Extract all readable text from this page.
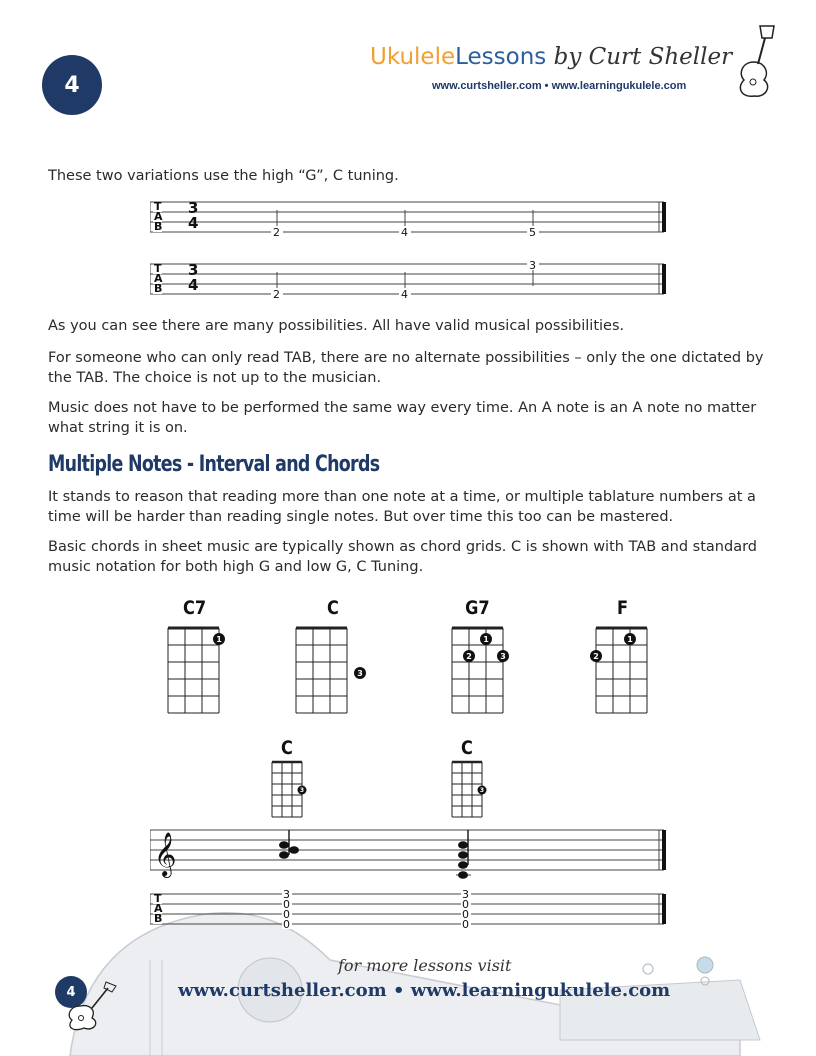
4
UkuleleLessons by Curt Sheller
www.curtsheller.com • www.learningukulele.com

These two variations use the high “G”, C tuning.

T
A
B
3
4
2	4	5
T
A
B
3
4
2	4
3

As you can see there are many possibilities. All have valid musical possibilities.

For someone who can only read TAB, there are no alternate possibilities – only the one dictated by the TAB. The choice is not up to the musician.

Music does not have to be performed the same way every time. An A note is an A note no matter what string it is on.

Multiple Notes - Interval and Chords

It stands to reason that reading more than one note at a time, or multiple tablature numbers at a time will be harder than reading single notes. But over time this too can be mastered.

Basic chords in sheet music are typically shown as chord grids. C is shown with TAB and standard music notation for both high G and low G, C Tuning.

C7	C	G7	F
1
3
1
2	3
1
2
C	C
3	3
𝄞
T
A
B
3
0
0
0
3
0
0
0
for more lessons visit
www.curtsheller.com • www.learningukulele.com
4
